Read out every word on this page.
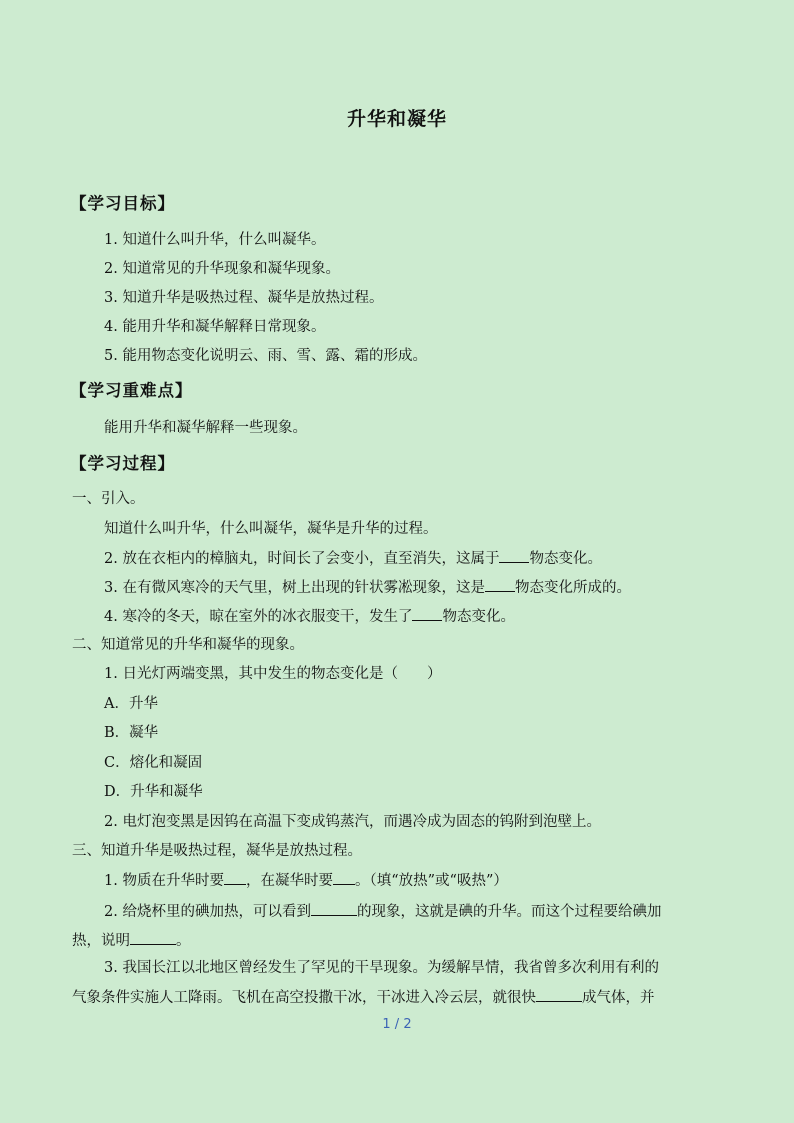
升华和凝华
【学习目标】
1. 知道什么叫升华，什么叫凝华。
2. 知道常见的升华现象和凝华现象。
3. 知道升华是吸热过程、凝华是放热过程。
4. 能用升华和凝华解释日常现象。
5. 能用物态变化说明云、雨、雪、露、霜的形成。
【学习重难点】
能用升华和凝华解释一些现象。
【学习过程】
一、引入。
知道什么叫升华，什么叫凝华，凝华是升华的过程。
2. 放在衣柜内的樟脑丸，时间长了会变小，直至消失，这属于 物态变化。
3. 在有微风寒冷的天气里，树上出现的针状雾凇现象，这是 物态变化所成的。
4. 寒冷的冬天，晾在室外的冰衣服变干，发生了 物态变化。
二、知道常见的升华和凝华的现象。
1. 日光灯两端变黑，其中发生的物态变化是（　　）
A．升华
B．凝华
C．熔化和凝固
D．升华和凝华
2. 电灯泡变黑是因钨在高温下变成钨蒸汽，而遇冷成为固态的钨附到泡壁上。
三、知道升华是吸热过程，凝华是放热过程。
1. 物质在升华时要 ，在凝华时要 。（填“放热”或“吸热”）
2. 给烧杯里的碘加热，可以看到	的现象，这就是碘的升华。而这个过程要给碘加
热，说明	。
3. 我国长江以北地区曾经发生了罕见的干旱现象。为缓解旱情，我省曾多次利用有利的
气象条件实施人工降雨。飞机在高空投撒干冰，干冰进入冷云层，就很快	成气体，并
1 / 2
